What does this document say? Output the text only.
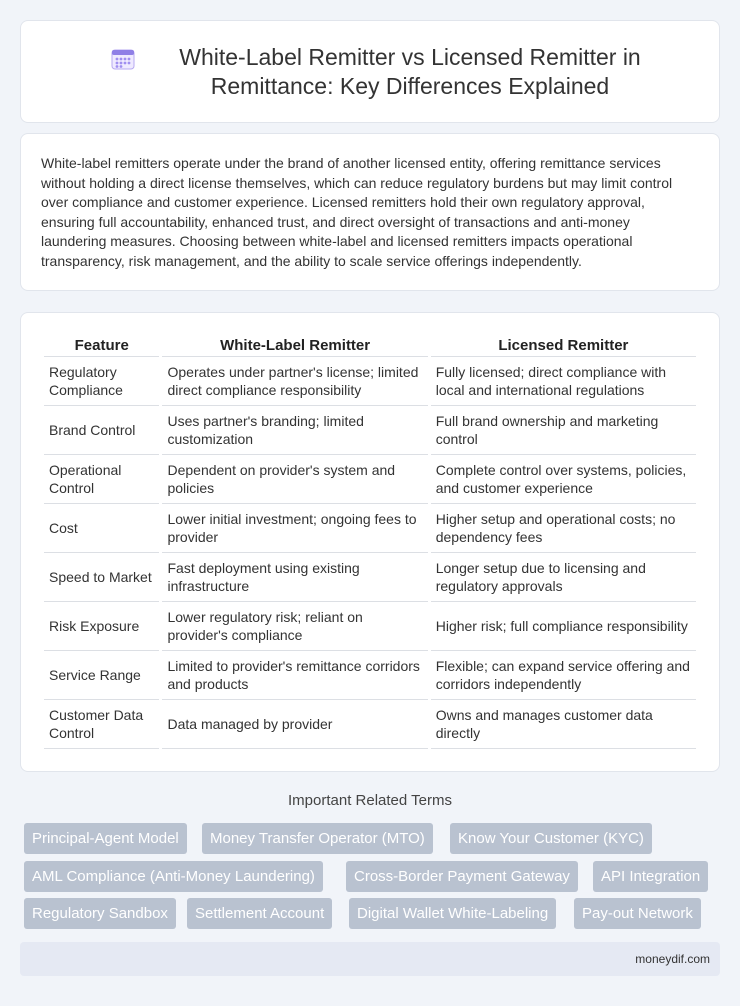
White-Label Remitter vs Licensed Remitter in Remittance: Key Differences Explained

White-label remitters operate under the brand of another licensed entity, offering remittance services without holding a direct license themselves, which can reduce regulatory burdens but may limit control over compliance and customer experience. Licensed remitters hold their own regulatory approval, ensuring full accountability, enhanced trust, and direct oversight of transactions and anti-money laundering measures. Choosing between white-label and licensed remitters impacts operational transparency, risk management, and the ability to scale service offerings independently.

Feature	White-Label Remitter	Licensed Remitter
Regulatory Compliance	Operates under partner's license; limited direct compliance responsibility	Fully licensed; direct compliance with local and international regulations
Brand Control	Uses partner's branding; limited customization	Full brand ownership and marketing control
Operational Control	Dependent on provider's system and policies	Complete control over systems, policies, and customer experience
Cost	Lower initial investment; ongoing fees to provider	Higher setup and operational costs; no dependency fees
Speed to Market	Fast deployment using existing infrastructure	Longer setup due to licensing and regulatory approvals
Risk Exposure	Lower regulatory risk; reliant on provider's compliance	Higher risk; full compliance responsibility
Service Range	Limited to provider's remittance corridors and products	Flexible; can expand service offering and corridors independently
Customer Data Control	Data managed by provider	Owns and manages customer data directly
Important Related Terms
Principal-Agent Model	Money Transfer Operator (MTO)	Know Your Customer (KYC)
AML Compliance (Anti-Money Laundering)	Cross-Border Payment Gateway	API Integration
Regulatory Sandbox	Settlement Account	Digital Wallet White-Labeling	Pay-out Network
moneydif.com
